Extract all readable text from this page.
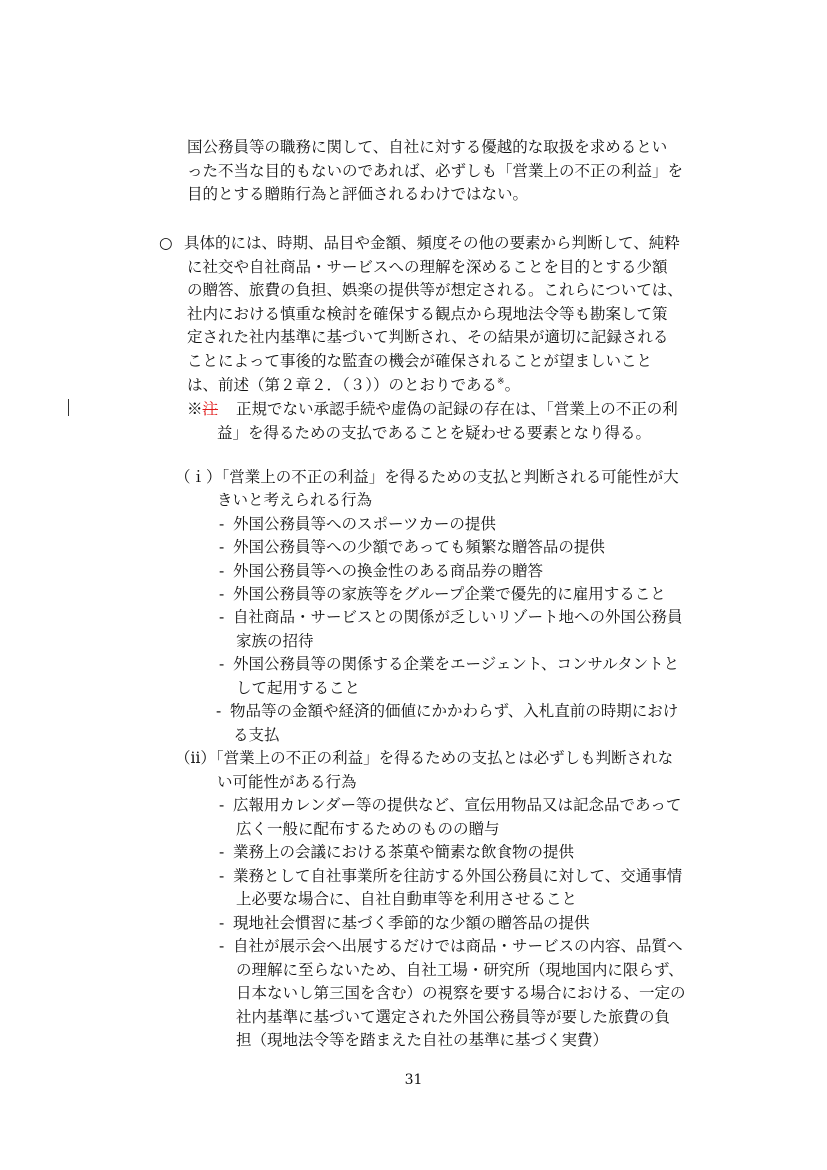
国公務員等の職務に関して、自社に対する優越的な取扱を求めるとい
った不当な目的もないのであれば、必ずしも「営業上の不正の利益」を
目的とする贈賄行為と評価されるわけではない。
○ 具体的には、時期、品目や金額、頻度その他の要素から判断して、純粋
に社交や自社商品・サービスへの理解を深めることを目的とする少額
の贈答、旅費の負担、娯楽の提供等が想定される。これらについては、
社内における慎重な検討を確保する観点から現地法令等も勘案して策
定された社内基準に基づいて判断され、その結果が適切に記録される
ことによって事後的な監査の機会が確保されることが望ましいこと
は、前述（第２章２．（３））のとおりである※。
※注 正規でない承認手続や虚偽の記録の存在は、「営業上の不正の利
益」を得るための支払であることを疑わせる要素となり得る。
（ｉ）「営業上の不正の利益」を得るための支払と判断される可能性が大
きいと考えられる行為
- 外国公務員等へのスポーツカーの提供
- 外国公務員等への少額であっても頻繁な贈答品の提供
- 外国公務員等への換金性のある商品券の贈答
- 外国公務員等の家族等をグループ企業で優先的に雇用すること
- 自社商品・サービスとの関係が乏しいリゾート地への外国公務員
家族の招待
- 外国公務員等の関係する企業をエージェント、コンサルタントと
して起用すること
- 物品等の金額や経済的価値にかかわらず、入札直前の時期におけ
る支払
（ⅱ）「営業上の不正の利益」を得るための支払とは必ずしも判断されな
い可能性がある行為
- 広報用カレンダー等の提供など、宣伝用物品又は記念品であって
広く一般に配布するためのものの贈与
- 業務上の会議における茶菓や簡素な飲食物の提供
- 業務として自社事業所を往訪する外国公務員に対して、交通事情
上必要な場合に、自社自動車等を利用させること
- 現地社会慣習に基づく季節的な少額の贈答品の提供
- 自社が展示会へ出展するだけでは商品・サービスの内容、品質へ
の理解に至らないため、自社工場・研究所（現地国内に限らず、
日本ないし第三国を含む）の視察を要する場合における、一定の
社内基準に基づいて選定された外国公務員等が要した旅費の負
担（現地法令等を踏まえた自社の基準に基づく実費）
31
